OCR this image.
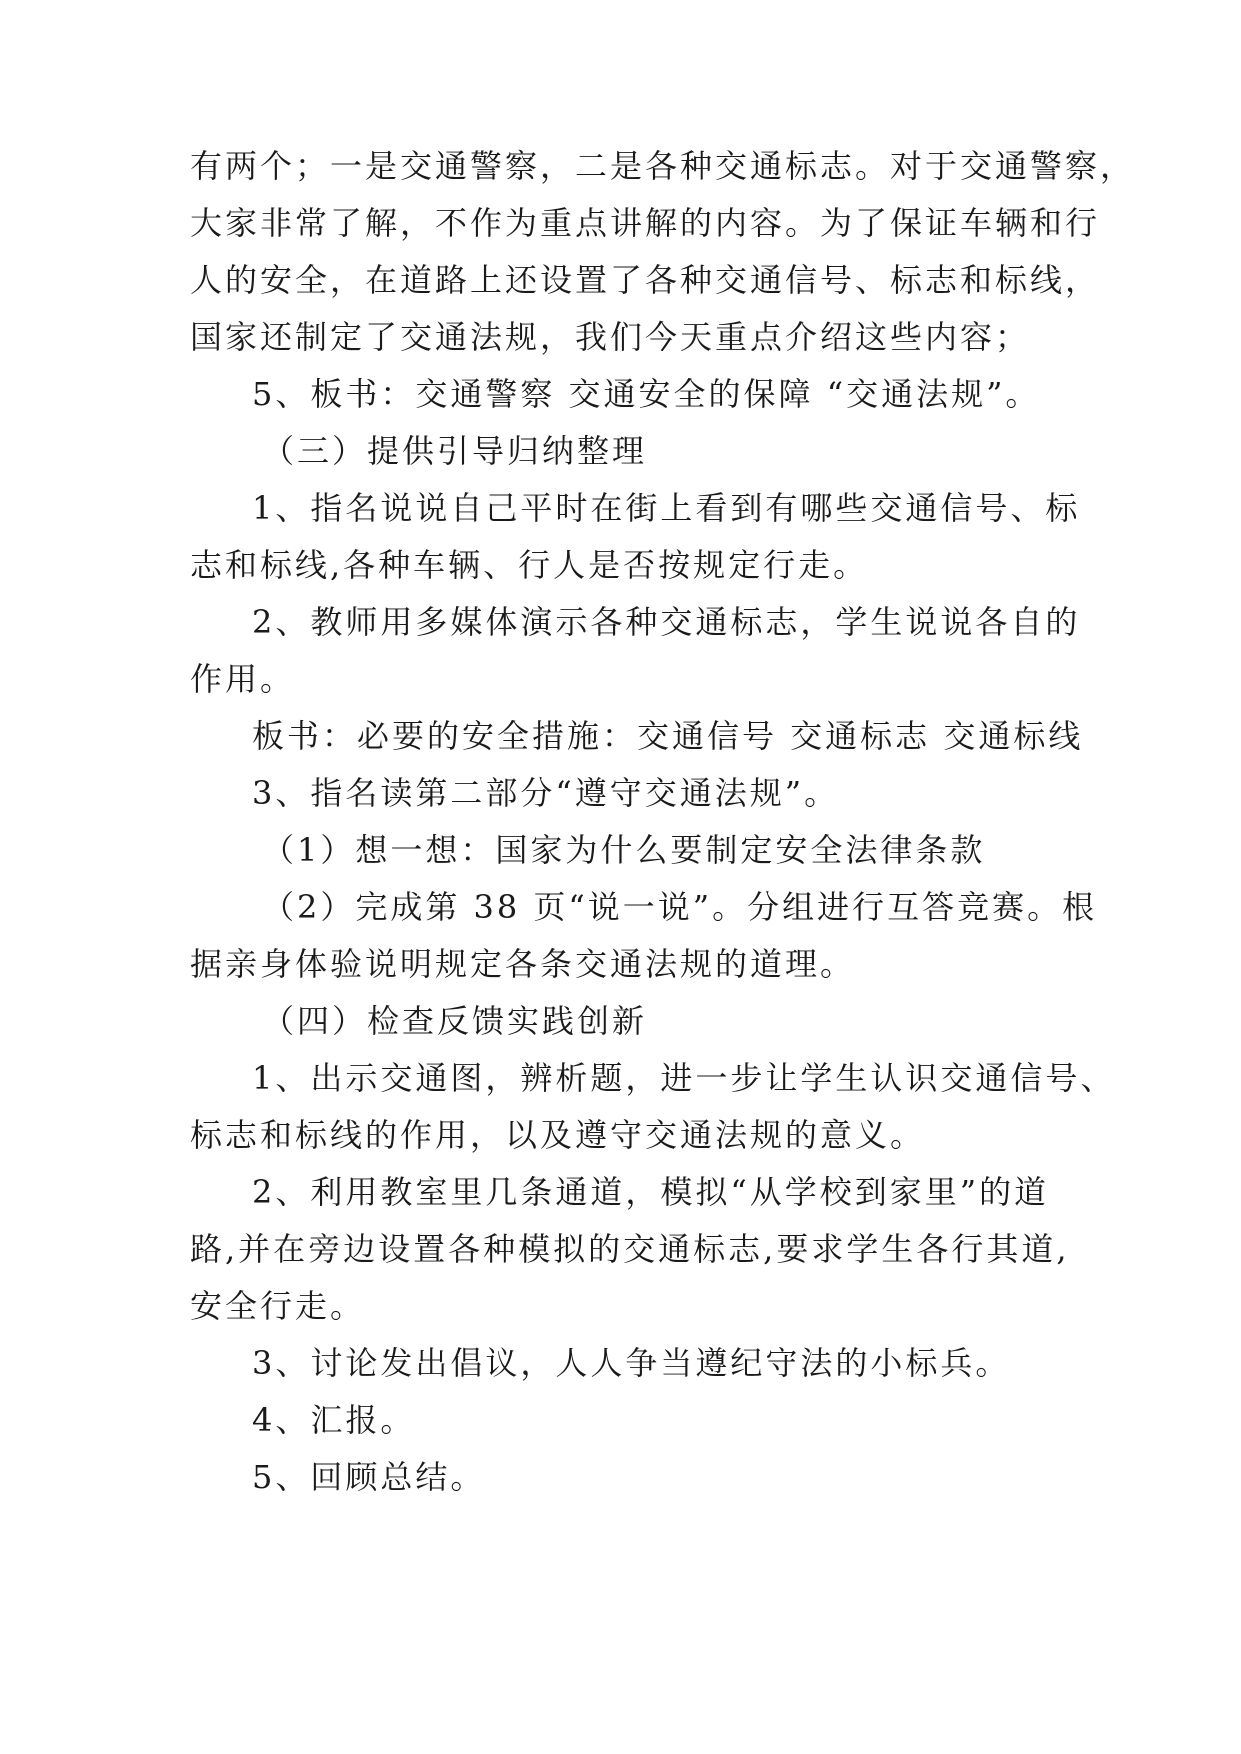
有两个；一是交通警察，二是各种交通标志。对于交通警察，
大家非常了解，不作为重点讲解的内容。为了保证车辆和行
人的安全，在道路上还设置了各种交通信号、标志和标线，
国家还制定了交通法规，我们今天重点介绍这些内容；
5、板书：交通警察 交通安全的保障 “交通法规”。
（三）提供引导归纳整理
1、指名说说自己平时在街上看到有哪些交通信号、标
志和标线,各种车辆、行人是否按规定行走。
2、教师用多媒体演示各种交通标志，学生说说各自的
作用。
板书：必要的安全措施：交通信号 交通标志 交通标线
3、指名读第二部分“遵守交通法规”。
（1）想一想：国家为什么要制定安全法律条款
（2）完成第 38 页“说一说”。分组进行互答竞赛。根
据亲身体验说明规定各条交通法规的道理。
（四）检查反馈实践创新
1、出示交通图，辨析题，进一步让学生认识交通信号、
标志和标线的作用，以及遵守交通法规的意义。
2、利用教室里几条通道，模拟“从学校到家里”的道
路,并在旁边设置各种模拟的交通标志,要求学生各行其道,
安全行走。
3、讨论发出倡议，人人争当遵纪守法的小标兵。
4、汇报。
5、回顾总结。
